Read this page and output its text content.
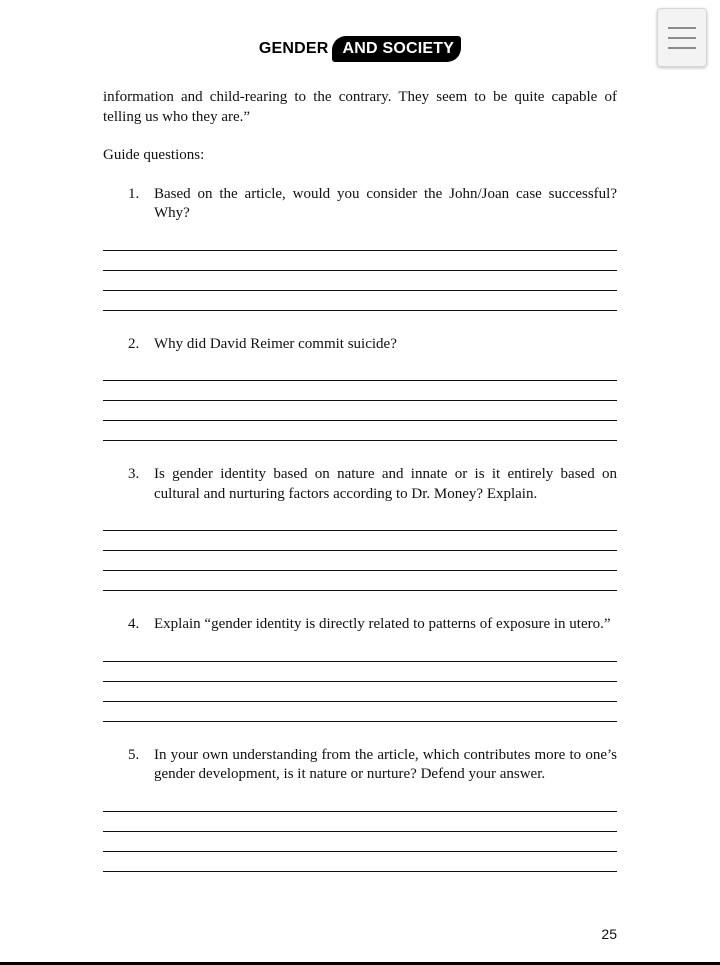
GENDER AND SOCIETY

information and child-rearing to the contrary. They seem to be quite capable of telling us who they are.”

Guide questions:
1. Based on the article, would you consider the John/Joan case successful? Why?
2. Why did David Reimer commit suicide?
3. Is gender identity based on nature and innate or is it entirely based on cultural and nurturing factors according to Dr. Money? Explain.
4. Explain “gender identity is directly related to patterns of exposure in utero.”
5. In your own understanding from the article, which contributes more to one’s gender development, is it nature or nurture? Defend your answer.
25
